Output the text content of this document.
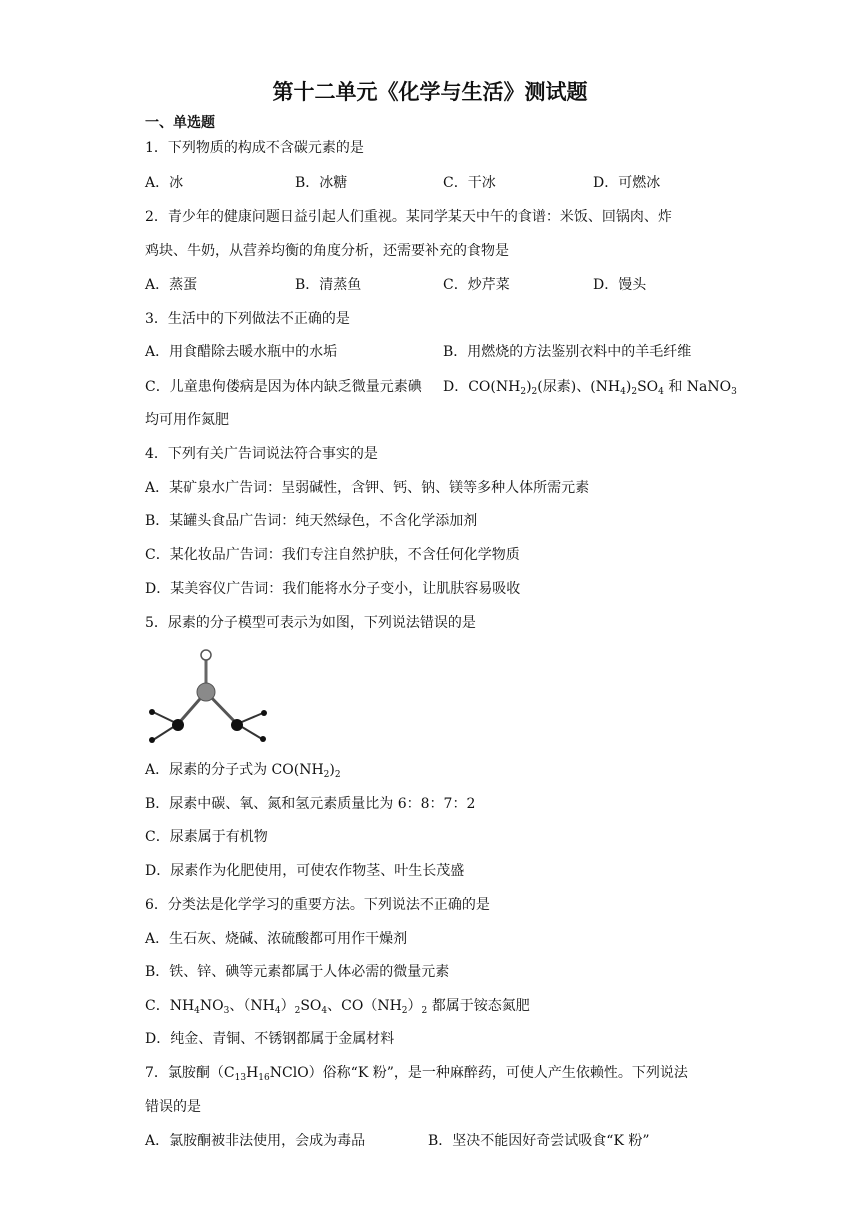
第十二单元《化学与生活》测试题
一、单选题
1．下列物质的构成不含碳元素的是
A．冰	B．冰糖	C．干冰	D．可燃冰
2．青少年的健康问题日益引起人们重视。某同学某天中午的食谱：米饭、回锅肉、炸
鸡块、牛奶，从营养均衡的角度分析，还需要补充的食物是
A．蒸蛋	B．清蒸鱼	C．炒芹菜	D．馒头
3．生活中的下列做法不正确的是
A．用食醋除去暖水瓶中的水垢	B．用燃烧的方法鉴别衣料中的羊毛纤维
C．儿童患佝偻病是因为体内缺乏微量元素碘 D．$CO(NH_2)_2$(尿素)、$(NH_4)_2SO_4$ 和 NaNO$_3$
均可用作氮肥
4．下列有关广告词说法符合事实的是
A．某矿泉水广告词：呈弱碱性，含钾、钙、钠、镁等多种人体所需元素
B．某罐头食品广告词：纯天然绿色，不含化学添加剂
C．某化妆品广告词：我们专注自然护肤，不含任何化学物质
D．某美容仪广告词：我们能将水分子变小，让肌肤容易吸收
5．尿素的分子模型可表示为如图，下列说法错误的是
A．尿素的分子式为 $CO(NH_2)_2$
B．尿素中碳、氧、氮和氢元素质量比为 6：8：7：2
C．尿素属于有机物
D．尿素作为化肥使用，可使农作物茎、叶生长茂盛
6．分类法是化学学习的重要方法。下列说法不正确的是
A．生石灰、烧碱、浓硫酸都可用作干燥剂
B．铁、锌、碘等元素都属于人体必需的微量元素
C．$NH_4NO_3$、$(NH_4)_2SO_4$、$CO(NH_2)_2$ 都属于铵态氮肥
D．纯金、青铜、不锈钢都属于金属材料
7．氯胺酮$(C_{13}H_{16}NClO)$俗称“K 粉”，是一种麻醉药，可使人产生依赖性。下列说法
错误的是
A．氯胺酮被非法使用，会成为毒品	B．坚决不能因好奇尝试吸食“K 粉”
